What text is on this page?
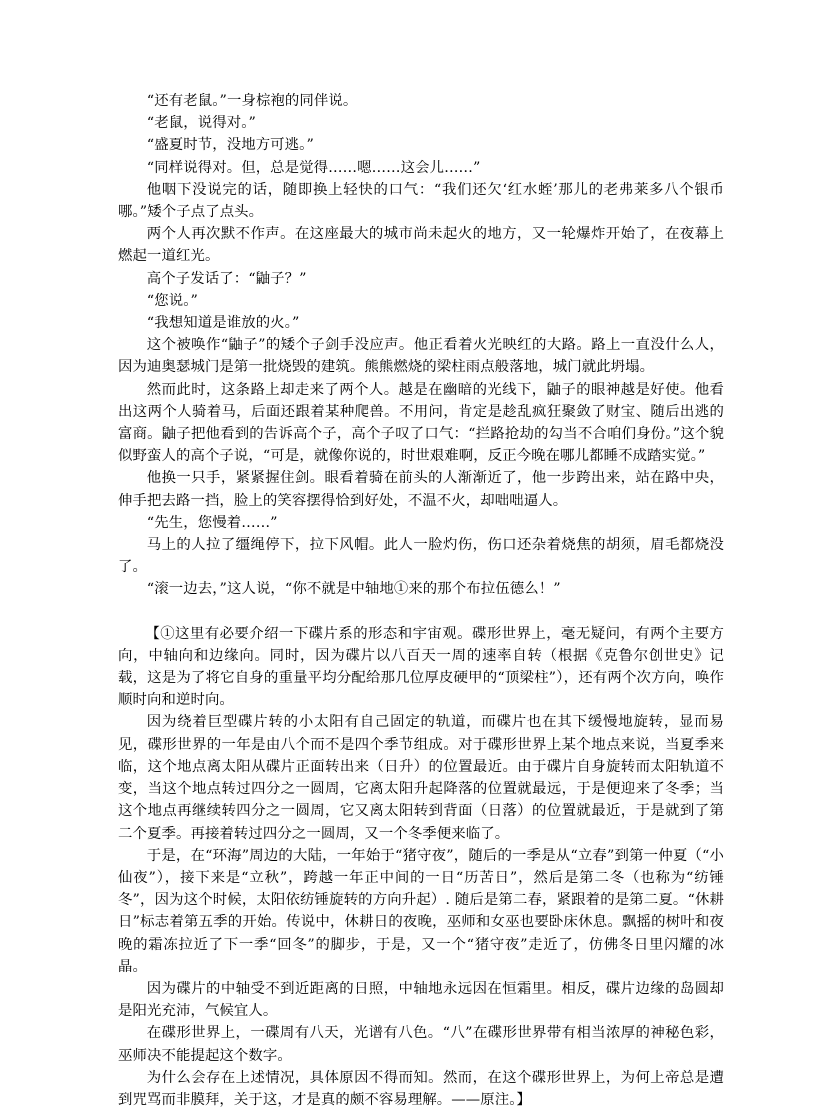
“还有老鼠。”一身棕袍的同伴说。

“老鼠，说得对。”

“盛夏时节，没地方可逃。”

“同样说得对。但，总是觉得……嗯……这会儿……”

他咽下没说完的话，随即换上轻快的口气：“我们还欠‘红水蛭’那儿的老弗莱多八个银币哪。”矮个子点了点头。

两个人再次默不作声。在这座最大的城市尚未起火的地方，又一轮爆炸开始了，在夜幕上燃起一道红光。

高个子发话了：“鼬子？”

“您说。”

“我想知道是谁放的火。”

这个被唤作“鼬子”的矮个子剑手没应声。他正看着火光映红的大路。路上一直没什么人，因为迪奥瑟城门是第一批烧毁的建筑。熊熊燃烧的梁柱雨点般落地，城门就此坍塌。

然而此时，这条路上却走来了两个人。越是在幽暗的光线下，鼬子的眼神越是好使。他看出这两个人骑着马，后面还跟着某种爬兽。不用问，肯定是趁乱疯狂聚敛了财宝、随后出逃的富商。鼬子把他看到的告诉高个子，高个子叹了口气：“拦路抢劫的勾当不合咱们身份。”这个貌似野蛮人的高个子说，“可是，就像你说的，时世艰难啊，反正今晚在哪儿都睡不成踏实觉。”

他换一只手，紧紧握住剑。眼看着骑在前头的人渐渐近了，他一步跨出来，站在路中央，伸手把去路一挡，脸上的笑容摆得恰到好处，不温不火，却咄咄逼人。

“先生，您慢着……”

马上的人拉了缰绳停下，拉下风帽。此人一脸灼伤，伤口还杂着烧焦的胡须，眉毛都烧没了。

“滚一边去，”这人说，“你不就是中轴地①来的那个布拉伍德么！”

【①这里有必要介绍一下碟片系的形态和宇宙观。碟形世界上，毫无疑问，有两个主要方向，中轴向和边缘向。同时，因为碟片以八百天一周的速率自转（根据《克鲁尔创世史》记载，这是为了将它自身的重量平均分配给那几位厚皮硬甲的“顶梁柱”），还有两个次方向，唤作顺时向和逆时向。

因为绕着巨型碟片转的小太阳有自己固定的轨道，而碟片也在其下缓慢地旋转，显而易见，碟形世界的一年是由八个而不是四个季节组成。对于碟形世界上某个地点来说，当夏季来临，这个地点离太阳从碟片正面转出来（日升）的位置最近。由于碟片自身旋转而太阳轨道不变，当这个地点转过四分之一圆周，它离太阳升起降落的位置就最远，于是便迎来了冬季；当这个地点再继续转四分之一圆周，它又离太阳转到背面（日落）的位置就最近，于是就到了第二个夏季。再接着转过四分之一圆周，又一个冬季便来临了。

于是，在“环海”周边的大陆，一年始于“猪守夜”，随后的一季是从“立春”到第一仲夏（“小仙夜”），接下来是“立秋”，跨越一年正中间的一日“历苦日”，然后是第二冬（也称为“纺锤冬”，因为这个时候，太阳依纺锤旋转的方向升起）. 随后是第二春，紧跟着的是第二夏。“休耕日”标志着第五季的开始。传说中，休耕日的夜晚，巫师和女巫也要卧床休息。飘摇的树叶和夜晚的霜冻拉近了下一季“回冬”的脚步，于是，又一个“猪守夜”走近了，仿佛冬日里闪耀的冰晶。

因为碟片的中轴受不到近距离的日照，中轴地永远因在恒霜里。相反，碟片边缘的岛圆却是阳光充沛，气候宜人。

在碟形世界上，一碟周有八天，光谱有八色。“八”在碟形世界带有相当浓厚的神秘色彩，巫师决不能提起这个数字。

为什么会存在上述情况，具体原因不得而知。然而，在这个碟形世界上，为何上帝总是遭到咒骂而非膜拜，关于这，才是真的颇不容易理解。——原注。】
